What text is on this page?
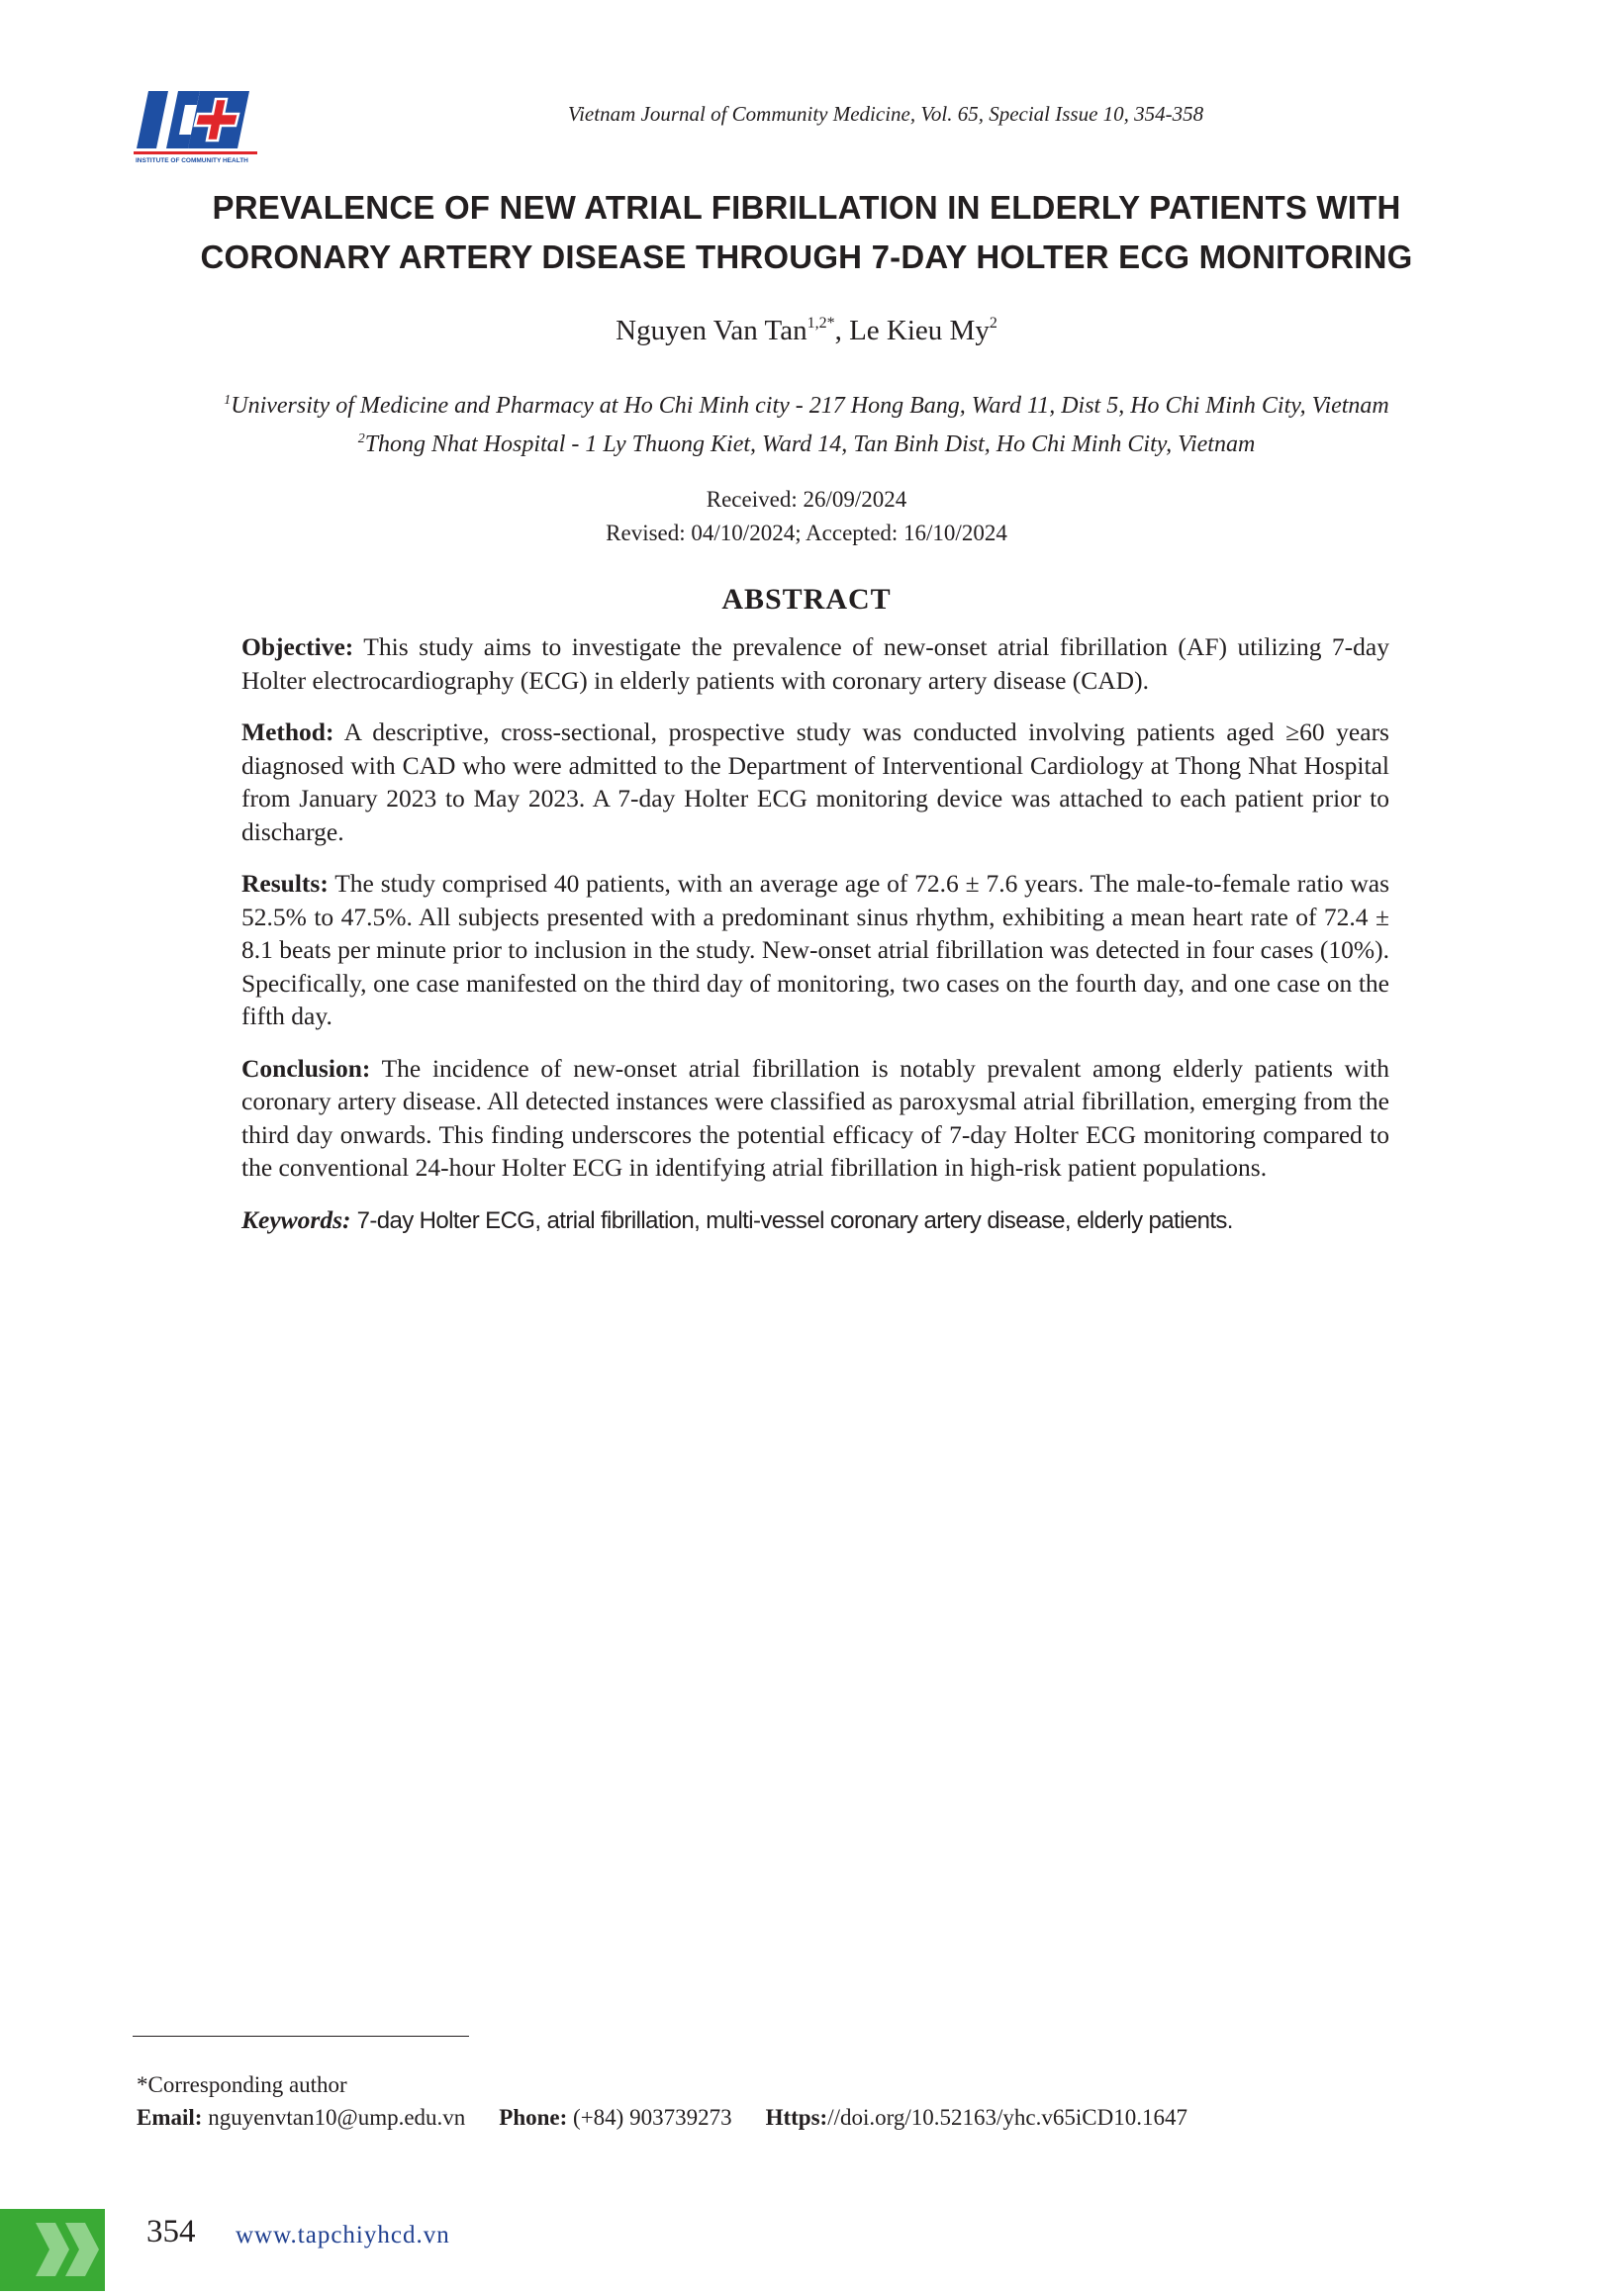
INSTITUTE OF COMMUNITY HEALTH
Vietnam Journal of Community Medicine, Vol. 65, Special Issue 10, 354-358
PREVALENCE OF NEW ATRIAL FIBRILLATION IN ELDERLY PATIENTS WITH
CORONARY ARTERY DISEASE THROUGH 7-DAY HOLTER ECG MONITORING
Nguyen Van Tan$^{1,2*}$, Le Kieu My$^2$
$^1$University of Medicine and Pharmacy at Ho Chi Minh city - 217 Hong Bang, Ward 11, Dist 5, Ho Chi Minh City, Vietnam
$^2$Thong Nhat Hospital - 1 Ly Thuong Kiet, Ward 14, Tan Binh Dist, Ho Chi Minh City, Vietnam
Received: 26/09/2024
Revised: 04/10/2024; Accepted: 16/10/2024
ABSTRACT

Objective: This study aims to investigate the prevalence of new-onset atrial fibrillation (AF) utilizing 7-day Holter electrocardiography (ECG) in elderly patients with coronary artery disease (CAD).

Method: A descriptive, cross-sectional, prospective study was conducted involving patients aged ≥60 years diagnosed with CAD who were admitted to the Department of Interventional Cardiology at Thong Nhat Hospital from January 2023 to May 2023. A 7-day Holter ECG monitoring device was attached to each patient prior to discharge.

Results: The study comprised 40 patients, with an average age of 72.6 ± 7.6 years. The male-to-female ratio was 52.5% to 47.5%. All subjects presented with a predominant sinus rhythm, exhibiting a mean heart rate of 72.4 ± 8.1 beats per minute prior to inclusion in the study. New-onset atrial fibrillation was detected in four cases (10%). Specifically, one case manifested on the third day of monitoring, two cases on the fourth day, and one case on the fifth day.

Conclusion: The incidence of new-onset atrial fibrillation is notably prevalent among elderly patients with coronary artery disease. All detected instances were classified as paroxysmal atrial fibrillation, emerging from the third day onwards. This finding underscores the potential efficacy of 7-day Holter ECG monitoring compared to the conventional 24-hour Holter ECG in identifying atrial fibrillation in high-risk patient populations.

Keywords: 7-day Holter ECG, atrial fibrillation, multi-vessel coronary artery disease, elderly patients.

*Corresponding author
Email: nguyenvtan10@ump.edu.vn Phone: (+84) 903739273 Https://doi.org/10.52163/yhc.v65iCD10.1647
354 www.tapchiyhcd.vn
